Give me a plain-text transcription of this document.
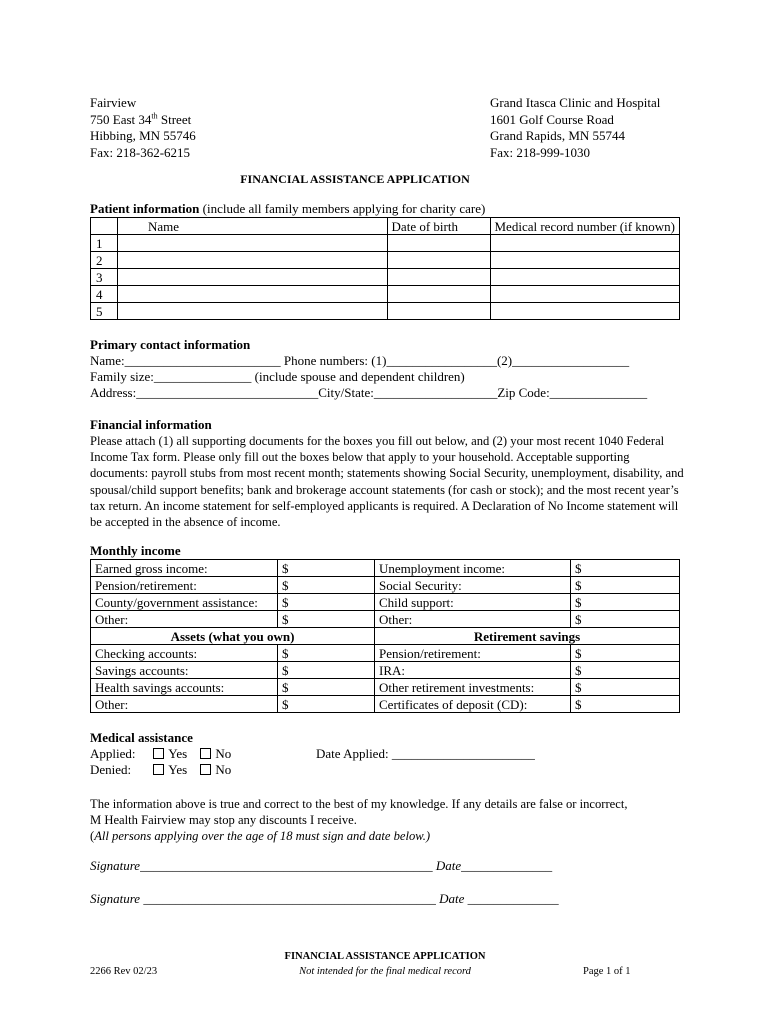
Fairview
750 East 34th Street
Hibbing, MN 55746
Fax: 218-362-6215
Grand Itasca Clinic and Hospital
1601 Golf Course Road
Grand Rapids, MN 55744
Fax: 218-999-1030
FINANCIAL ASSISTANCE APPLICATION
Patient information (include all family members applying for charity care)
	Name	Date of birth	Medical record number (if known)
1			
2			
3			
4			
5			
Primary contact information
Name:________________________ Phone numbers: (1)_________________(2)__________________
Family size:_______________ (include spouse and dependent children)
Address:____________________________City/State:___________________Zip Code:_______________
Financial information
Please attach (1) all supporting documents for the boxes you fill out below, and (2) your most recent 1040 Federal Income Tax form. Please only fill out the boxes below that apply to your household. Acceptable supporting documents: payroll stubs from most recent month; statements showing Social Security, unemployment, disability, and spousal/child support benefits; bank and brokerage account statements (for cash or stock); and the most recent year’s tax return. An income statement for self-employed applicants is required. A Declaration of No Income statement will be accepted in the absence of income.
Monthly income
Earned gross income:	$	Unemployment income:	$
Pension/retirement:	$	Social Security:	$
County/government assistance:	$	Child support:	$
Other:	$	Other:	$
Assets (what you own)		Retirement savings	
Checking accounts:	$	Pension/retirement:	$
Savings accounts:	$	IRA:	$
Health savings accounts:	$	Other retirement investments:	$
Other:	$	Certificates of deposit (CD):	$
Medical assistance
Applied:	Yes No	Date Applied: ______________________
Denied:	Yes No
The information above is true and correct to the best of my knowledge. If any details are false or incorrect,
M Health Fairview may stop any discounts I receive.
(All persons applying over the age of 18 must sign and date below.)
Signature_____________________________________________ Date______________
Signature _____________________________________________ Date ______________
FINANCIAL ASSISTANCE APPLICATION
2266 Rev 02/23	Not intended for the final medical record	Page 1 of 1
